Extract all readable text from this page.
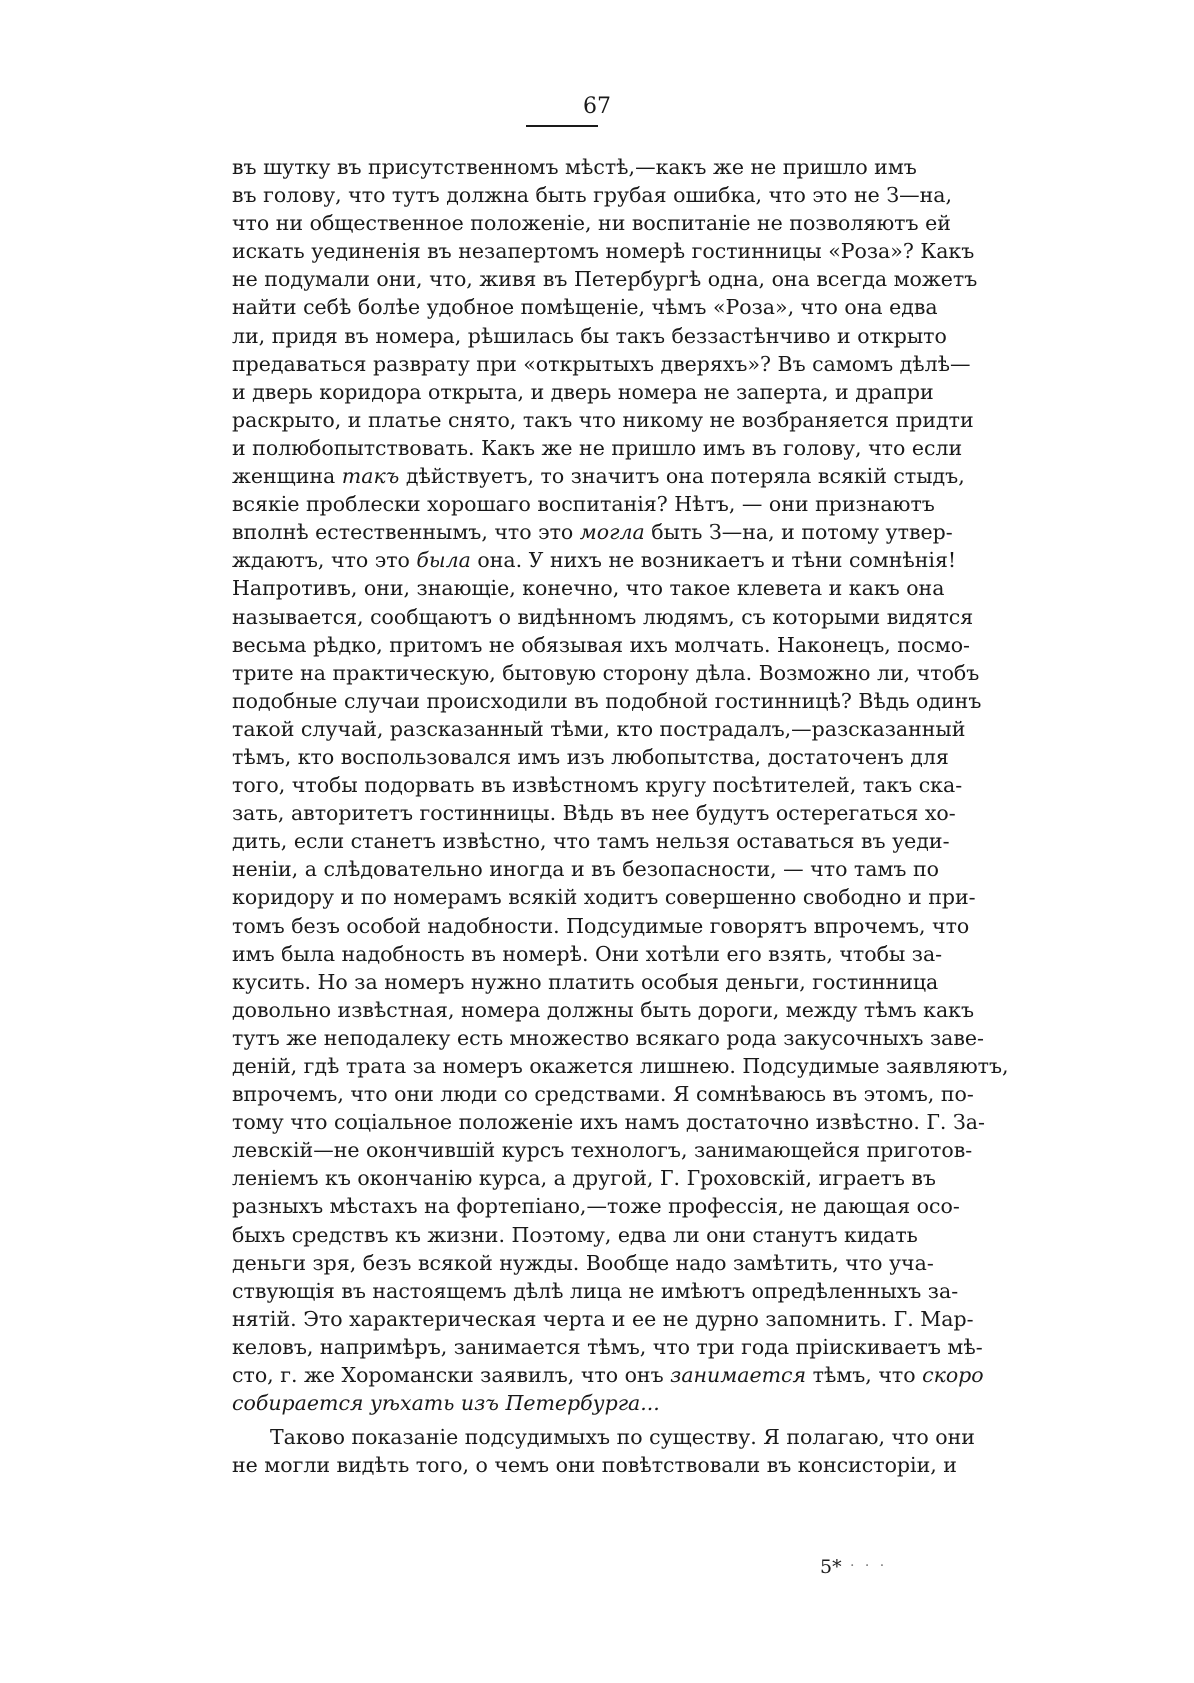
67
въ шутку въ присутственномъ мѣстѣ,—какъ же не пришло имъ
въ голову, что тутъ должна быть грубая ошибка, что это не З—на,
что ни общественное положеніе, ни воспитаніе не позволяютъ ей
искать уединенія въ незапертомъ номерѣ гостинницы «Роза»? Какъ
не подумали они, что, живя въ Петербургѣ одна, она всегда можетъ
найти себѣ болѣе удобное помѣщеніе, чѣмъ «Роза», что она едва
ли, придя въ номера, рѣшилась бы такъ беззастѣнчиво и открыто
предаваться разврату при «открытыхъ дверяхъ»? Въ самомъ дѣлѣ—
и дверь коридора открыта, и дверь номера не заперта, и драпри
раскрыто, и платье снято, такъ что никому не возбраняется придти
и полюбопытствовать. Какъ же не пришло имъ въ голову, что если
женщина такъ дѣйствуетъ, то значитъ она потеряла всякій стыдъ,
всякіе проблески хорошаго воспитанія? Нѣтъ, — они признаютъ
вполнѣ естественнымъ, что это могла быть З—на, и потому утвер-
ждаютъ, что это была она. У нихъ не возникаетъ и тѣни сомнѣнія!
Напротивъ, они, знающіе, конечно, что такое клевета и какъ она
называется, сообщаютъ о видѣнномъ людямъ, съ которыми видятся
весьма рѣдко, притомъ не обязывая ихъ молчать. Наконецъ, посмо-
трите на практическую, бытовую сторону дѣла. Возможно ли, чтобъ
подобные случаи происходили въ подобной гостинницѣ? Вѣдь одинъ
такой случай, разсказанный тѣми, кто пострадалъ,—разсказанный
тѣмъ, кто воспользовался имъ изъ любопытства, достаточенъ для
того, чтобы подорвать въ извѣстномъ кругу посѣтителей, такъ ска-
зать, авторитетъ гостинницы. Вѣдь въ нее будутъ остерегаться хо-
дить, если станетъ извѣстно, что тамъ нельзя оставаться въ уеди-
неніи, а слѣдовательно иногда и въ безопасности, — что тамъ по
коридору и по номерамъ всякій ходитъ совершенно свободно и при-
томъ безъ особой надобности. Подсудимые говорятъ впрочемъ, что
имъ была надобность въ номерѣ. Они хотѣли его взять, чтобы за-
кусить. Но за номеръ нужно платить особыя деньги, гостинница
довольно извѣстная, номера должны быть дороги, между тѣмъ какъ
тутъ же неподалеку есть множество всякаго рода закусочныхъ заве-
деній, гдѣ трата за номеръ окажется лишнею. Подсудимые заявляютъ,
впрочемъ, что они люди со средствами. Я сомнѣваюсь въ этомъ, по-
тому что соціальное положеніе ихъ намъ достаточно извѣстно. Г. За-
левскій—не окончившій курсъ технологъ, занимающейся приготов-
леніемъ къ окончанію курса, а другой, Г. Гроховскій, играетъ въ
разныхъ мѣстахъ на фортепіано,—тоже профессія, не дающая осо-
быхъ средствъ къ жизни. Поэтому, едва ли они станутъ кидать
деньги зря, безъ всякой нужды. Вообще надо замѣтить, что уча-
ствующія въ настоящемъ дѣлѣ лица не имѣютъ опредѣленныхъ за-
нятій. Это характерическая черта и ее не дурно запомнить. Г. Мар-
келовъ, напримѣръ, занимается тѣмъ, что три года пріискиваетъ мѣ-
сто, г. же Хоромански заявилъ, что онъ занимается тѣмъ, что скоро
собирается уѣхать изъ Петербурга...
Таково показаніе подсудимыхъ по существу. Я полагаю, что они
не могли видѣть того, о чемъ они повѣтствовали въ консисторіи, и
5* · · ·
